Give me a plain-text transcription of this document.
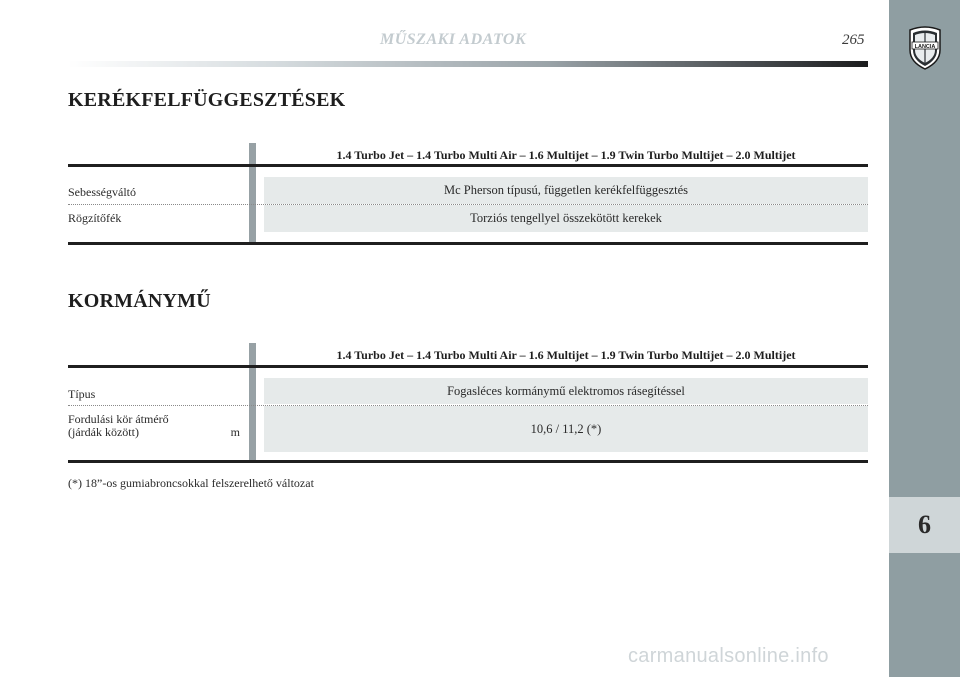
MŰSZAKI ADATOK	265	LANCIA
6
KERÉKFELFÜGGESZTÉSEK
1.4 Turbo Jet – 1.4 Turbo Multi Air – 1.6 Multijet – 1.9 Twin Turbo Multijet – 2.0 Multijet
Sebességváltó	Mc Pherson típusú, független kerékfelfüggesztés
Rögzítőfék	Torziós tengellyel összekötött kerekek
KORMÁNYMŰ
1.4 Turbo Jet – 1.4 Turbo Multi Air – 1.6 Multijet – 1.9 Twin Turbo Multijet – 2.0 Multijet
Típus	Fogasléces kormánymű elektromos rásegítéssel
Fordulási kör átmérő
(járdák között)	m	10,6 / 11,2 (*)
(*) 18”-os gumiabroncsokkal felszerelhető változat
carmanualsonline.info
